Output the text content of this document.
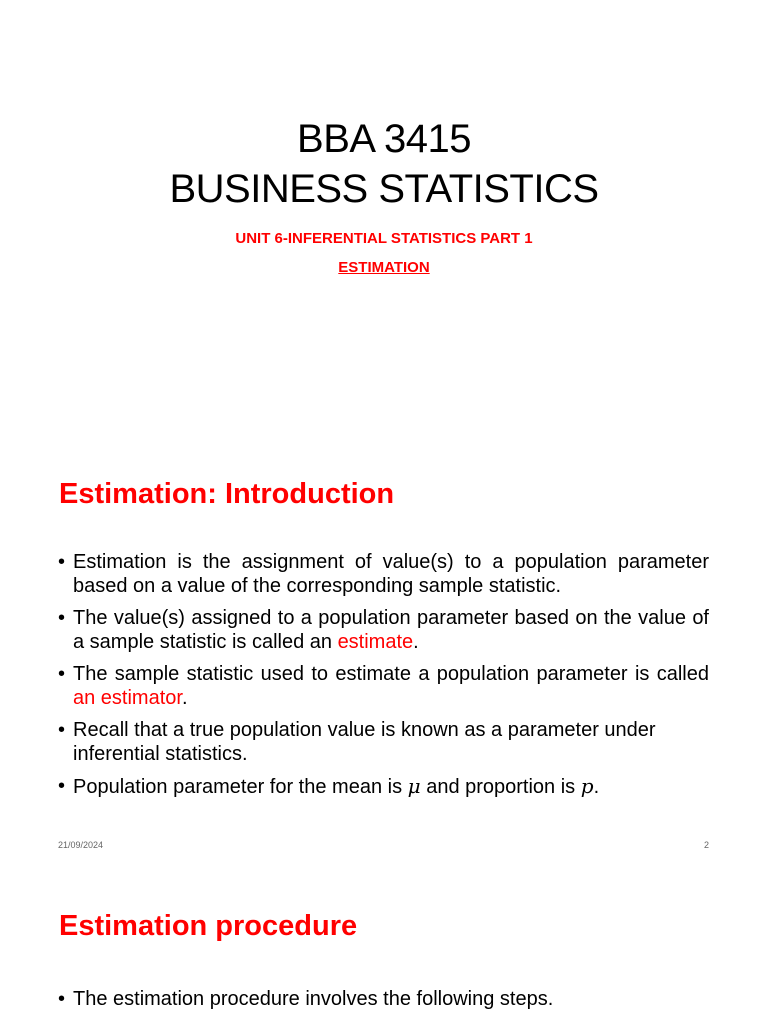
BBA 3415
BUSINESS STATISTICS
UNIT 6-INFERENTIAL STATISTICS PART 1
ESTIMATION
Estimation: Introduction
• Estimation is the assignment of value(s) to a population parameter based on a value of the corresponding sample statistic.
• The value(s) assigned to a population parameter based on the value of a sample statistic is called an estimate.
• The sample statistic used to estimate a population parameter is called an estimator.
• Recall that a true population value is known as a parameter under inferential statistics.
• Population parameter for the mean is μ and proportion is p.
21/09/2024	2
Estimation procedure
• The estimation procedure involves the following steps.
